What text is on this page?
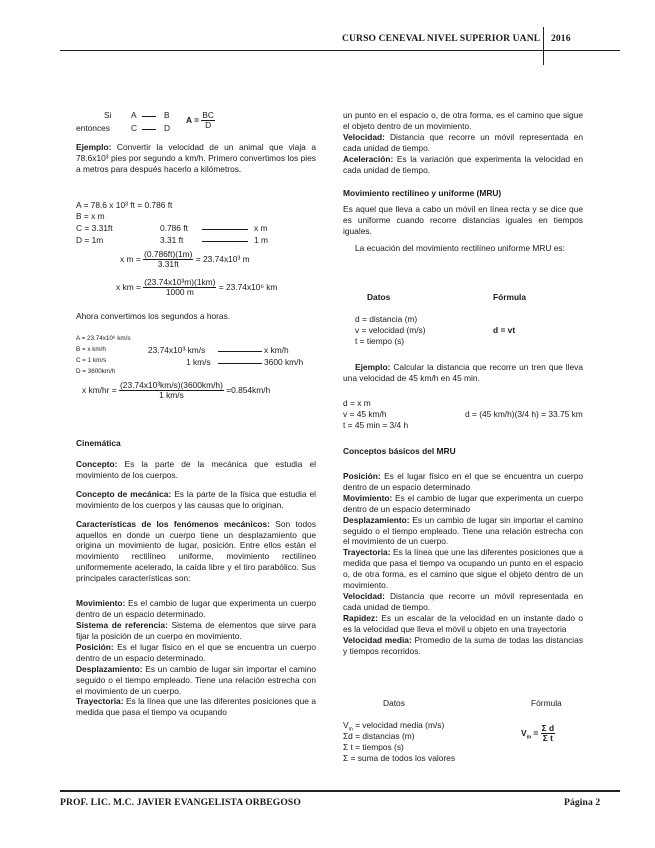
CURSO CENEVAL NIVEL SUPERIOR UANL 2016
Si
entonces
A	B
C	D
$A = \frac{BC}{D}$

Ejemplo: Convertir la velocidad de un animal que viaja a 78.6x10³ pies por segundo a km/h. Primero convertimos los pies a metros para después hacerlo a kilómetros.

A = 78.6 x 10³ ft = 0.786 ft
B = x m
C = 3.31ft	0.786 ft	x m
D = 1m	3.31 ft	1 m
x $m = \frac{(0.786ft)(1m)}{3.31ft} = 23.74x10^3$ m
x km = $\frac{\text{(23.74x10³m)(1km)}}{1000 m} = 23.74x10^6$ km

Ahora convertimos los segundos a horas.

A = 23.74x10⁶ km/s
B = x km/h
C = 1 km/s
D = 3600km/h
23.74x10³ km/s	x km/h
1 km/s	3600 km/h
x $km/hr = \frac{\text{(23.74x10³km/s)(3600km/h)}}{1 km/s} =0.854km/h$

Cinemática

Concepto: Es la parte de la mecánica que estudia el movimiento de los cuerpos.

Concepto de mecánica: Es la parte de la física que estudia el movimiento de los cuerpos y las causas que lo originan.

Características de los fenómenos mecánicos: Son todos aquellos en donde un cuerpo tiene un desplazamiento que origina un movimiento de lugar, posición. Entre ellos están el movimiento rectilíneo uniforme, movimiento rectilíneo uniformemente acelerado, la caída libre y el tiro parabólico. Sus principales características son:

Movimiento: Es el cambio de lugar que experimenta un cuerpo dentro de un espacio determinado.

Sistema de referencia: Sistema de elementos que sirve para fijar la posición de un cuerpo en movimiento.

Posición: Es el lugar físico en el que se encuentra un cuerpo dentro de un espacio determinado.

Desplazamiento: Es un cambio de lugar sin importar el camino seguido o el tiempo empleado. Tiene una relación estrecha con el movimiento de un cuerpo.

Trayectoria: Es la línea que une las diferentes posiciones que a medida que pasa el tiempo va ocupando

un punto en el espacio o, de otra forma, es el camino que sigue el objeto dentro de un movimiento.

Velocidad: Distancia que recorre un móvil representada en cada unidad de tiempo.

Aceleración: Es la variación que experimenta la velocidad en cada unidad de tiempo.

Movimiento rectilíneo y uniforme (MRU)

Es aquel que lleva a cabo un móvil en línea recta y se dice que es uniforme cuando recorre distancias iguales en tiempos iguales.

La ecuación del movimiento rectilíneo uniforme MRU es:

Datos	Fórmula
d = distancia (m)
v = velocidad (m/s)	d = vt
t = tiempo (s)

Ejemplo: Calcular la distancia que recorre un tren que lleva una velocidad de 45 km/h en 45 min.

d = x m
v = 45 km/h	d = (45 km/h)(3/4 h) = 33.75 km
t = 45 min = 3/4 h

Conceptos básicos del MRU

Posición: Es el lugar físico en el que se encuentra un cuerpo dentro de un espacio determinado

Movimiento: Es el cambio de lugar que experimenta un cuerpo dentro de un espacio determinado

Desplazamiento: Es un cambio de lugar sin importar el camino seguido o el tiempo empleado. Tiene una relación estrecha con el movimiento de un cuerpo.

Trayectoria: Es la línea que une las diferentes posiciones que a medida que pasa el tiempo va ocupando un punto en el espacio o, de otra forma, es el camino que sigue el objeto dentro de un movimiento.

Velocidad: Distancia que recorre un móvil representada en cada unidad de tiempo.

Rapidez: Es un escalar de la velocidad en un instante dado o es la velocidad que lleva el móvil u objeto en una trayectoria

Velocidad media: Promedio de la suma de todas las distancias y tiempos recorridos.

Datos	Fórmula
$V_m$ = velocidad media (m/s)
Σd = distancias (m)
Σ t = tiempos (s)
Σ = suma de todos los valores
$V_m = \frac{\text{Σ d}}{\text{Σ t}}$
PROF. LIC. M.C. JAVIER EVANGELISTA ORBEGOSO	Página 2
